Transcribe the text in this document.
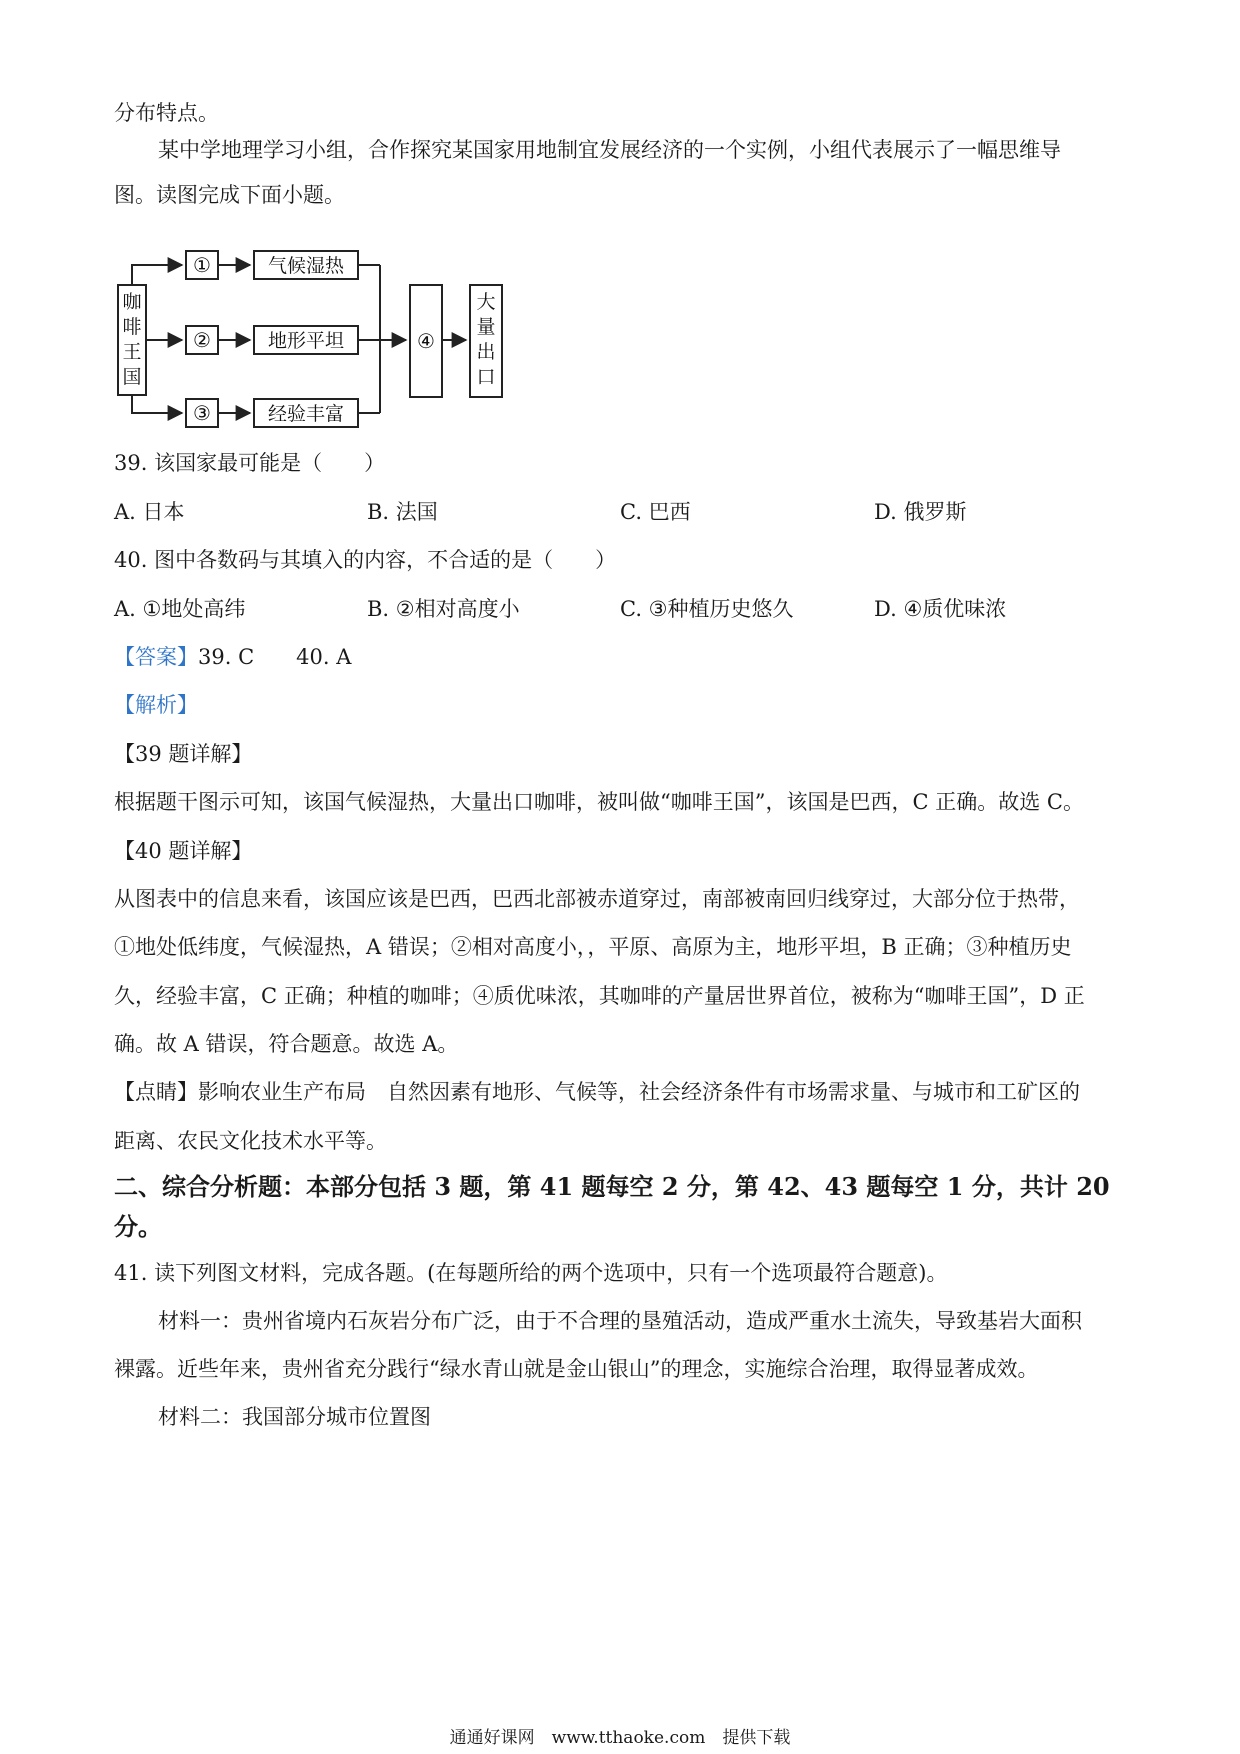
分布特点。
某中学地理学习小组，合作探究某国家用地制宜发展经济的一个实例，小组代表展示了一幅思维导
图。读图完成下面小题。
咖
啡
王
国
①
②
③
④
气候湿热
地形平坦
经验丰富
大
量
出
口
39. 该国家最可能是（　　）
A. 日本	B. 法国	C. 巴西	D. 俄罗斯
40. 图中各数码与其填入的内容，不合适的是（　　）
A. ①地处高纬	B. ②相对高度小	C. ③种植历史悠久	D. ④质优味浓
【答案】39. C 40. A
【解析】
【39 题详解】
根据题干图示可知，该国气候湿热，大量出口咖啡，被叫做“咖啡王国”，该国是巴西，C 正确。故选 C。
【40 题详解】
从图表中的信息来看，该国应该是巴西，巴西北部被赤道穿过，南部被南回归线穿过，大部分位于热带，
①地处低纬度，气候湿热，A 错误；②相对高度小，，平原、高原为主，地形平坦，B 正确；③种植历史
久，经验丰富，C 正确；种植的咖啡；④质优味浓，其咖啡的产量居世界首位，被称为“咖啡王国”，D 正
确。故 A 错误，符合题意。故选 A。
【点睛】影响农业生产布局　自然因素有地形、气候等，社会经济条件有市场需求量、与城市和工矿区的
距离、农民文化技术水平等。
二、综合分析题：本部分包括 3 题，第 41 题每空 2 分，第 42、43 题每空 1 分，共计 20
分。
41. 读下列图文材料，完成各题。(在每题所给的两个选项中，只有一个选项最符合题意)。
材料一：贵州省境内石灰岩分布广泛，由于不合理的垦殖活动，造成严重水土流失，导致基岩大面积
裸露。近些年来，贵州省充分践行“绿水青山就是金山银山”的理念，实施综合治理，取得显著成效。
材料二：我国部分城市位置图
通通好课网　www.tthaoke.com　提供下载
